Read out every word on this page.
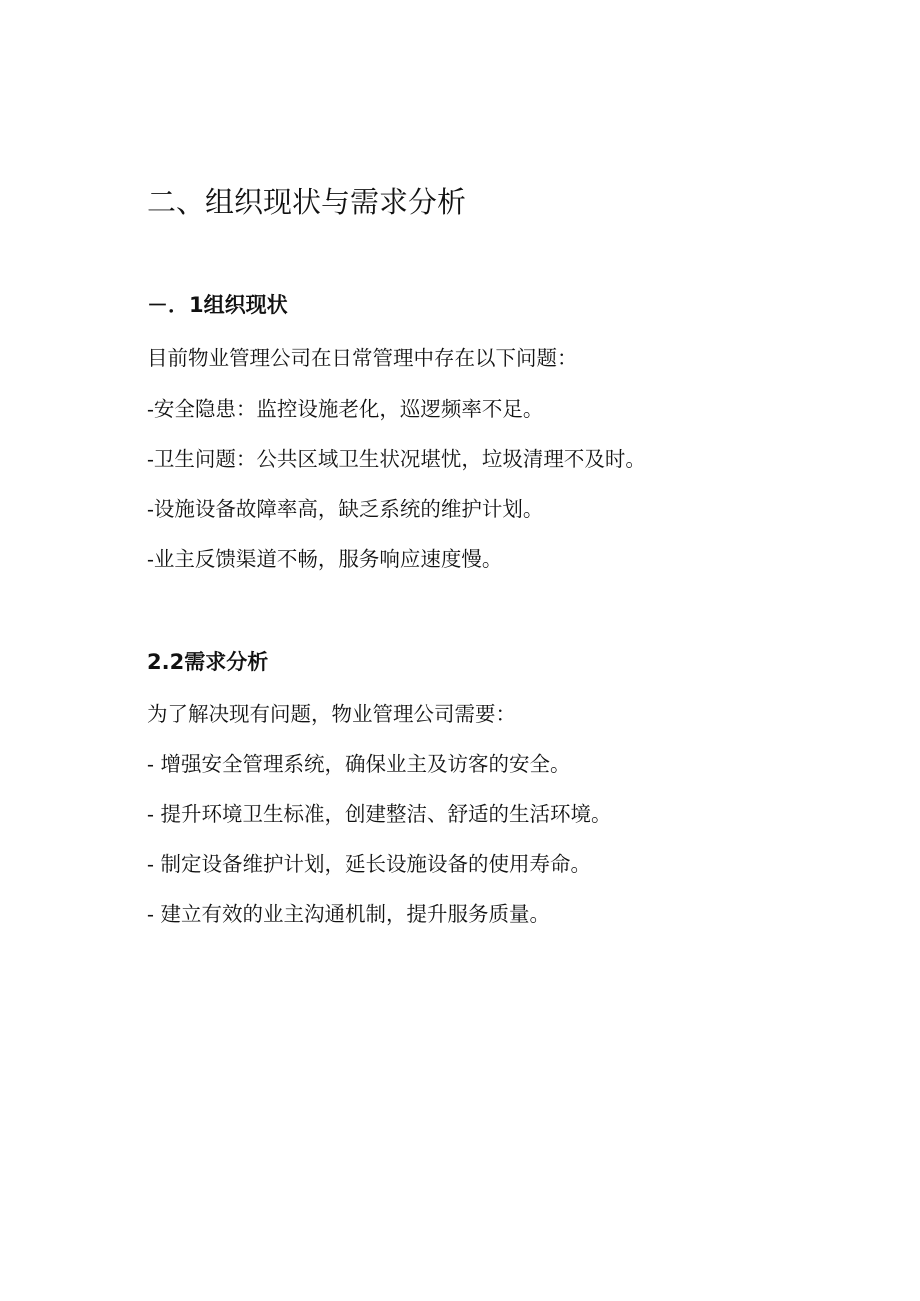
二、组织现状与需求分析
－．1组织现状

目前物业管理公司在日常管理中存在以下问题：

-安全隐患：监控设施老化，巡逻频率不足。

-卫生问题：公共区域卫生状况堪忧，垃圾清理不及时。

-设施设备故障率高，缺乏系统的维护计划。

-业主反馈渠道不畅，服务响应速度慢。

2.2需求分析

为了解决现有问题，物业管理公司需要：

- 增强安全管理系统，确保业主及访客的安全。

- 提升环境卫生标准，创建整洁、舒适的生活环境。

- 制定设备维护计划，延长设施设备的使用寿命。

- 建立有效的业主沟通机制，提升服务质量。
